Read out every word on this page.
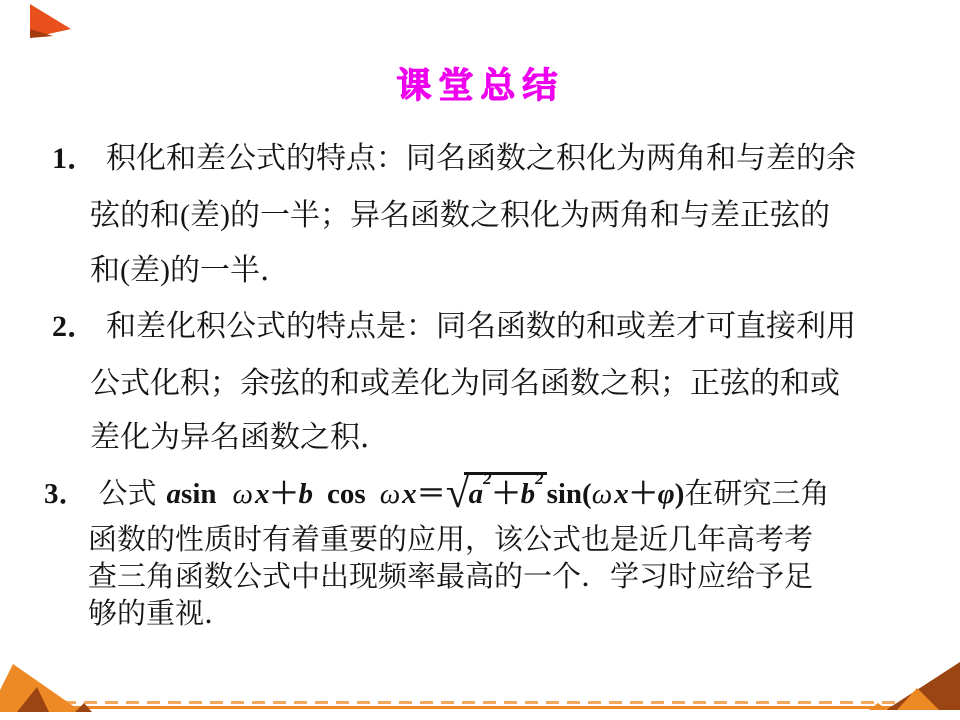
课堂总结
1． 积化和差公式的特点：同名函数之积化为两角和与差的余
弦的和(差)的一半；异名函数之积化为两角和与差正弦的
和(差)的一半．
2． 和差化积公式的特点是：同名函数的和或差才可直接利用
公式化积；余弦的和或差化为同名函数之积；正弦的和或
差化为异名函数之积．
3． 公式 asin ωx＋b cos ωx＝ √ $a^2+b^2$ sin(ωx＋φ)在研究三角
函数的性质时有着重要的应用，该公式也是近几年高考考
查三角函数公式中出现频率最高的一个．学习时应给予足
够的重视．
